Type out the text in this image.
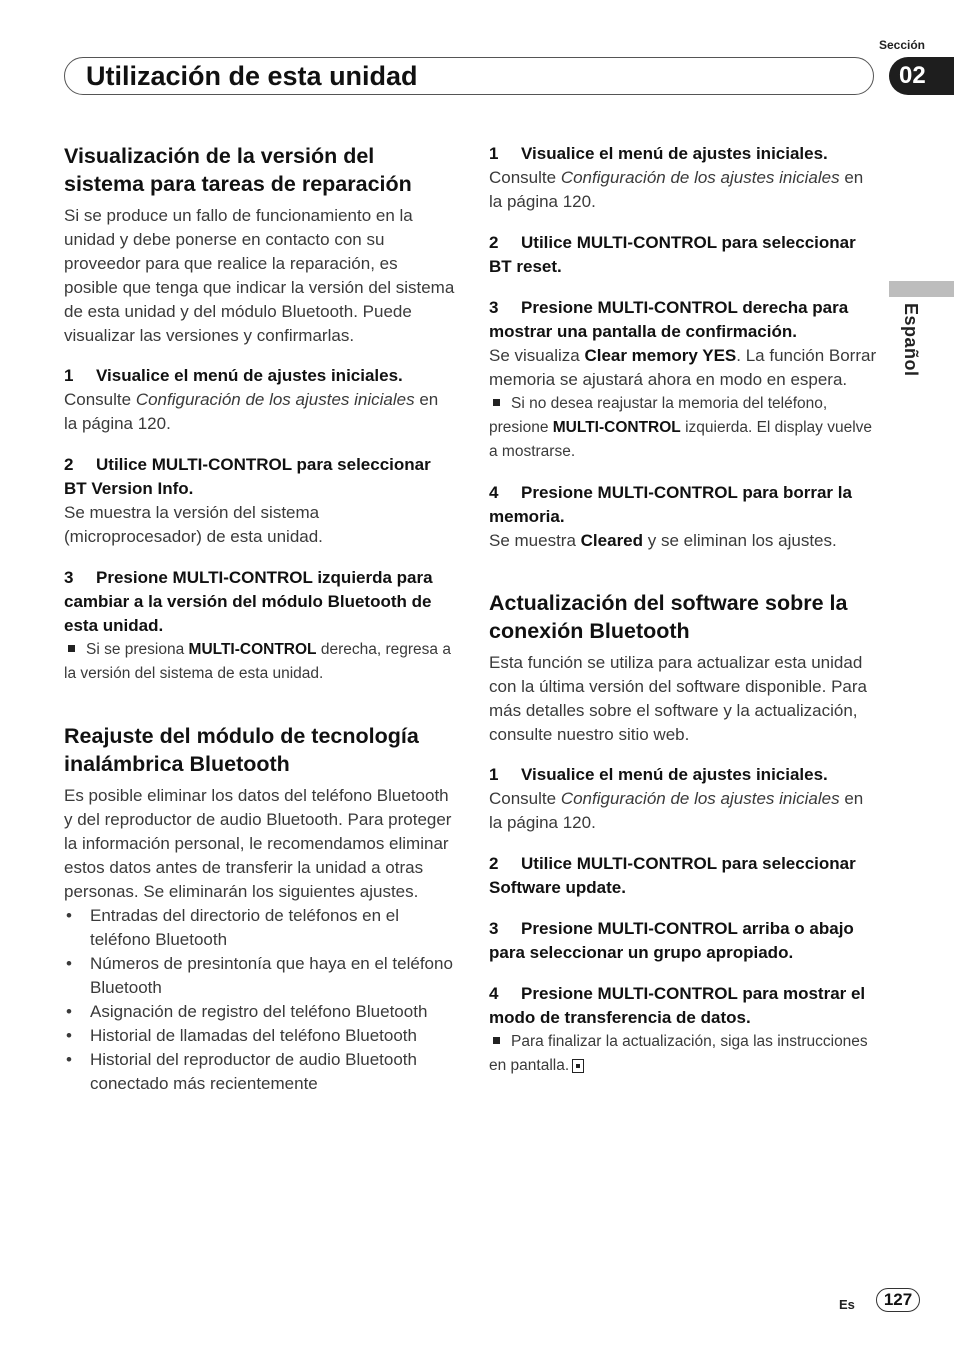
Sección
Utilización de esta unidad	02
Español
Visualización de la versión del sistema para tareas de reparación

Si se produce un fallo de funcionamiento en la unidad y debe ponerse en contacto con su proveedor para que realice la reparación, es posible que tenga que indicar la versión del sistema de esta unidad y del módulo Bluetooth. Puede visualizar las versiones y confirmarlas.

1 Visualice el menú de ajustes iniciales.

Consulte Configuración de los ajustes iniciales en la página 120.

2 Utilice MULTI-CONTROL para seleccionar BT Version Info.

Se muestra la versión del sistema (microprocesador) de esta unidad.

3 Presione MULTI-CONTROL izquierda para cambiar a la versión del módulo Bluetooth de esta unidad.
Si se presiona MULTI-CONTROL derecha, regresa a la versión del sistema de esta unidad.
Reajuste del módulo de tecnología inalámbrica Bluetooth

Es posible eliminar los datos del teléfono Bluetooth y del reproductor de audio Bluetooth. Para proteger la información personal, le recomendamos eliminar estos datos antes de transferir la unidad a otras personas. Se eliminarán los siguientes ajustes.

• Entradas del directorio de teléfonos en el teléfono Bluetooth
• Números de presintonía que haya en el teléfono Bluetooth
• Asignación de registro del teléfono Bluetooth
• Historial de llamadas del teléfono Bluetooth
• Historial del reproductor de audio Bluetooth conectado más recientemente
1 Visualice el menú de ajustes iniciales.

Consulte Configuración de los ajustes iniciales en la página 120.

2 Utilice MULTI-CONTROL para seleccionar BT reset.
3 Presione MULTI-CONTROL derecha para mostrar una pantalla de confirmación.

Se visualiza Clear memory YES. La función Borrar memoria se ajustará ahora en modo en espera.

Si no desea reajustar la memoria del teléfono, presione MULTI-CONTROL izquierda. El display vuelve a mostrarse.
4 Presione MULTI-CONTROL para borrar la memoria.

Se muestra Cleared y se eliminan los ajustes.

Actualización del software sobre la conexión Bluetooth

Esta función se utiliza para actualizar esta unidad con la última versión del software disponible. Para más detalles sobre el software y la actualización, consulte nuestro sitio web.

1 Visualice el menú de ajustes iniciales.

Consulte Configuración de los ajustes iniciales en la página 120.

2 Utilice MULTI-CONTROL para seleccionar Software update.
3 Presione MULTI-CONTROL arriba o abajo para seleccionar un grupo apropiado.
4 Presione MULTI-CONTROL para mostrar el modo de transferencia de datos.
Para finalizar la actualización, siga las instrucciones en pantalla.
Es	127
